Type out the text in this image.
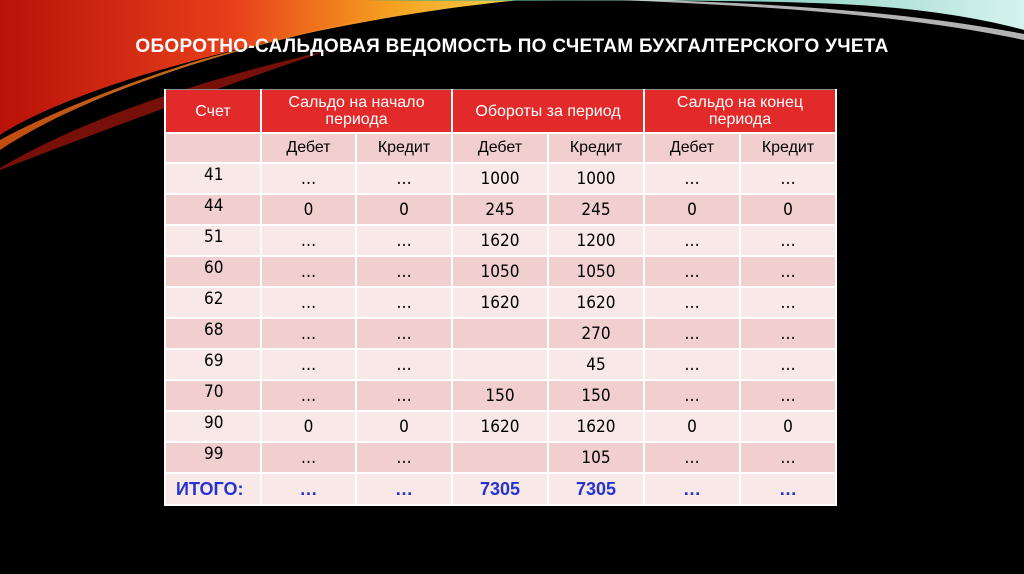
ОБОРОТНО-САЛЬДОВАЯ ВЕДОМОСТЬ ПО СЧЕТАМ БУХГАЛТЕРСКОГО УЧЕТА
Счет	Сальдо на начало периода		Обороты за период		Сальдо на конец периода	
	Дебет	Кредит	Дебет	Кредит	Дебет	Кредит
41	…	…	1000	1000	…	…
44	0	0	245	245	0	0
51	…	…	1620	1200	…	…
60	…	…	1050	1050	…	…
62	…	…	1620	1620	…	…
68	…	…		270	…	…
69	…	…		45	…	…
70	…	…	150	150	…	…
90	0	0	1620	1620	0	0
99	…	…		105	…	…
ИТОГО:	…	…	7305	7305	…	…
